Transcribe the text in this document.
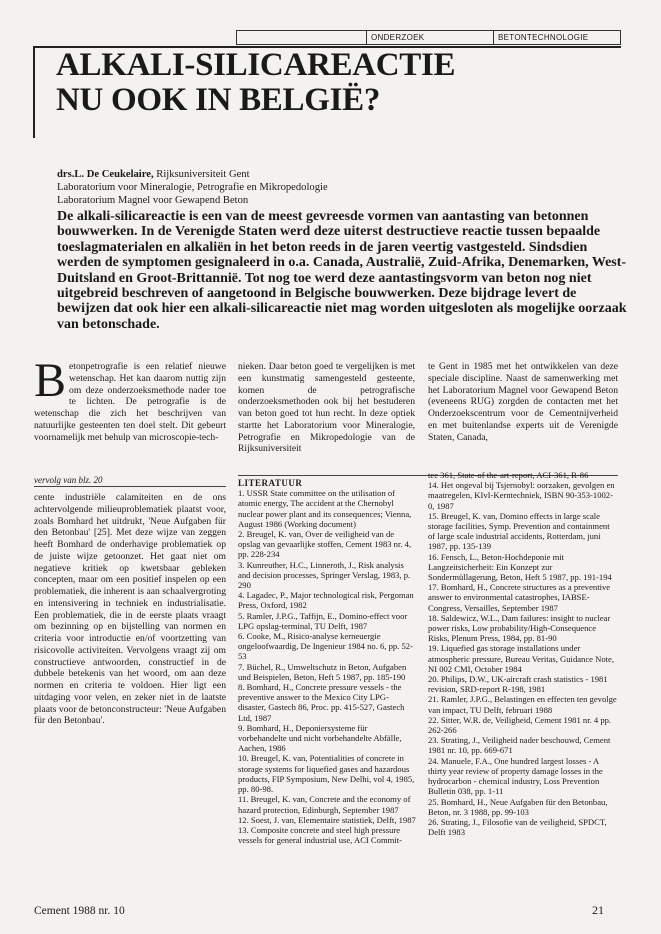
ONDERZOEK	BETONTECHNOLOGIE
ALKALI-SILICAREACTIE
NU OOK IN BELGIË?
drs.L. De Ceukelaire, Rijksuniversiteit Gent
Laboratorium voor Mineralogie, Petrografie en Mikropedologie
Laboratorium Magnel voor Gewapend Beton

De alkali-silicareactie is een van de meest gevreesde vormen van aantasting van betonnen bouwwerken. In de Verenigde Staten werd deze uiterst destructieve reactie tussen bepaalde toeslagmaterialen en alkaliën in het beton reeds in de jaren veertig vastgesteld. Sindsdien werden de symptomen gesignaleerd in o.a. Canada, Australië, Zuid-Afrika, Denemarken, West-Duitsland en Groot-Brittannië. Tot nog toe werd deze aantastingsvorm van beton nog niet uitgebreid beschreven of aangetoond in Belgische bouwwerken. Deze bijdrage levert de bewijzen dat ook hier een alkali-silicareactie niet mag worden uitgesloten als mogelijke oorzaak van betonschade.

Betonpetrografie is een relatief nieuwe wetenschap. Het kan daarom nuttig zijn om deze onderzoeksmethode nader toe te lichten. De petrografie is de wetenschap die zich het beschrijven van natuurlijke gesteenten ten doel stelt. Dit gebeurt voornamelijk met behulp van microscopie-tech-
nieken. Daar beton goed te vergelijken is met een kunstmatig samengesteld gesteente, komen de petrografische onderzoeksmethoden ook bij het bestuderen van beton goed tot hun recht. In deze optiek startte het Laboratorium voor Mineralogie, Petrografie en Mikropedologie van de Rijksuniversiteit
te Gent in 1985 met het ontwikkelen van deze speciale discipline. Naast de samenwerking met het Laboratorium Magnel voor Gewapend Beton (eveneens RUG) zorgden de contacten met het Onderzoekscentrum voor de Cementnijverheid en met buitenlandse experts uit de Verenigde Staten, Canada,
vervolg van blz. 20
cente industriële calamiteiten en de ons achtervolgende milieuproblematiek plaatst voor, zoals Bomhard het uitdrukt, 'Neue Aufgaben für den Betonbau' [25]. Met deze wijze van zeggen heeft Bomhard de onderhavige problematiek op de juiste wijze getoonzet. Het gaat niet om negatieve kritiek op kwetsbaar gebleken concepten, maar om een positief inspelen op een problematiek, die inherent is aan schaalvergroting en intensivering in techniek en industrialisatie. Een problematiek, die in de eerste plaats vraagt om bezinning op en bijstelling van normen en criteria voor introductie en/of voortzetting van risicovolle activiteiten. Vervolgens vraagt zij om constructieve antwoorden, constructief in de dubbele betekenis van het woord, om aan deze normen en criteria te voldoen. Hier ligt een uitdaging voor velen, en zeker niet in de laatste plaats voor de betonconstructeur: 'Neue Aufgaben für den Betonbau'.
LITERATUUR

1. USSR State committee on the utilisation of atomic energy, The accident at the Chernobyl nuclear power plant and its consequences; Vienna, August 1986 (Working document)

2. Breugel, K. van, Over de veiligheid van de opslag van gevaarlijke stoffen, Cement 1983 nr. 4, pp. 228-234

3. Kunreuther, H.C., Linneroth, J., Risk analysis and decision processes, Springer Verslag, 1983, p. 290

4. Lagadec, P., Major technological risk, Pergoman Press, Oxford, 1982

5. Ramler, J.P.G., Taffijn, E., Domino-effect voor LPG opslag-terminal, TU Delft, 1987

6. Cooke, M., Risico-analyse kerneuergie ongeloofwaardig, De Ingenieur 1984 no. 6, pp. 52-53

7. Büchel, R., Umweltschutz in Beton, Aufgaben und Beispielen, Beton, Heft 5 1987, pp. 185-190

8. Bomhard, H., Concrete pressure vessels - the preventive answer to the Mexico City LPG-disaster, Gastech 86, Proc. pp. 415-527, Gastech Ltd, 1987

9. Bomhard, H., Deponiersysteme für vorbehandelte und nicht vorbehandelte Abfälle, Aachen, 1986

10. Breugel, K. van, Potentialities of concrete in storage systems for liquefied gases and hazardous products, FIP Symposium, New Delhi, vol 4, 1985, pp. 80-98.

11. Breugel, K. van, Concrete and the economy of hazard protection, Edinburgh, September 1987

12. Soest, J. van, Elementaire statistiek, Delft, 1987

13. Composite concrete and steel high pressure vessels for general industrial use, ACI Commit-

tee 361, State-of the-art-report, ACI-361, R-86

14. Het ongeval bij Tsjernobyl: oorzaken, gevolgen en maatregelen, KIvI-Kerntechniek, ISBN 90-353-1002-0, 1987

15. Breugel, K. van, Domino effects in large scale storage facilities, Symp. Prevention and containment of large scale industrial accidents, Rotterdam, juni 1987, pp. 135-139

16. Fensch, L., Beton-Hochdeponie mit Langzeitsicherheit: Ein Konzept zur Sondermüllagerung, Beton, Heft 5 1987, pp. 191-194

17. Bomhard, H., Concrete structures as a preventive answer to environmental catastrophes, IABSE-Congress, Versailles, September 1987

18. Saldewicz, W.L., Dam failures: insight to nuclear power risks, Low probability/High-Consequence Risks, Plenum Press, 1984, pp. 81-90

19. Liquefied gas storage installations under atmospheric pressure, Bureau Veritas, Guidance Note, NI 002 CMI, October 1984

20. Philips, D.W., UK-aircraft crash statistics - 1981 revision, SRD-report R-198, 1981

21. Ramler, J.P.G., Belastingen en effecten ten gevolge van impact, TU Delft, februari 1988

22. Sitter, W.R. de, Veiligheid, Cement 1981 nr. 4 pp. 262-266

23. Strating, J., Veiligheid nader beschouwd, Cement 1981 nr. 10, pp. 669-671

24. Manuele, F.A., One hundred largest losses - A thirty year review of property damage losses in the hydrocarbon - chemical industry, Loss Prevention Bulletin 038, pp. 1-11

25. Bomhard, H., Neue Aufgaben für den Betonbau, Beton, nr. 3 1988, pp. 99-103

26. Strating, J., Filosofie van de veiligheid, SPDCT, Delft 1983

Cement 1988 nr. 10	21
